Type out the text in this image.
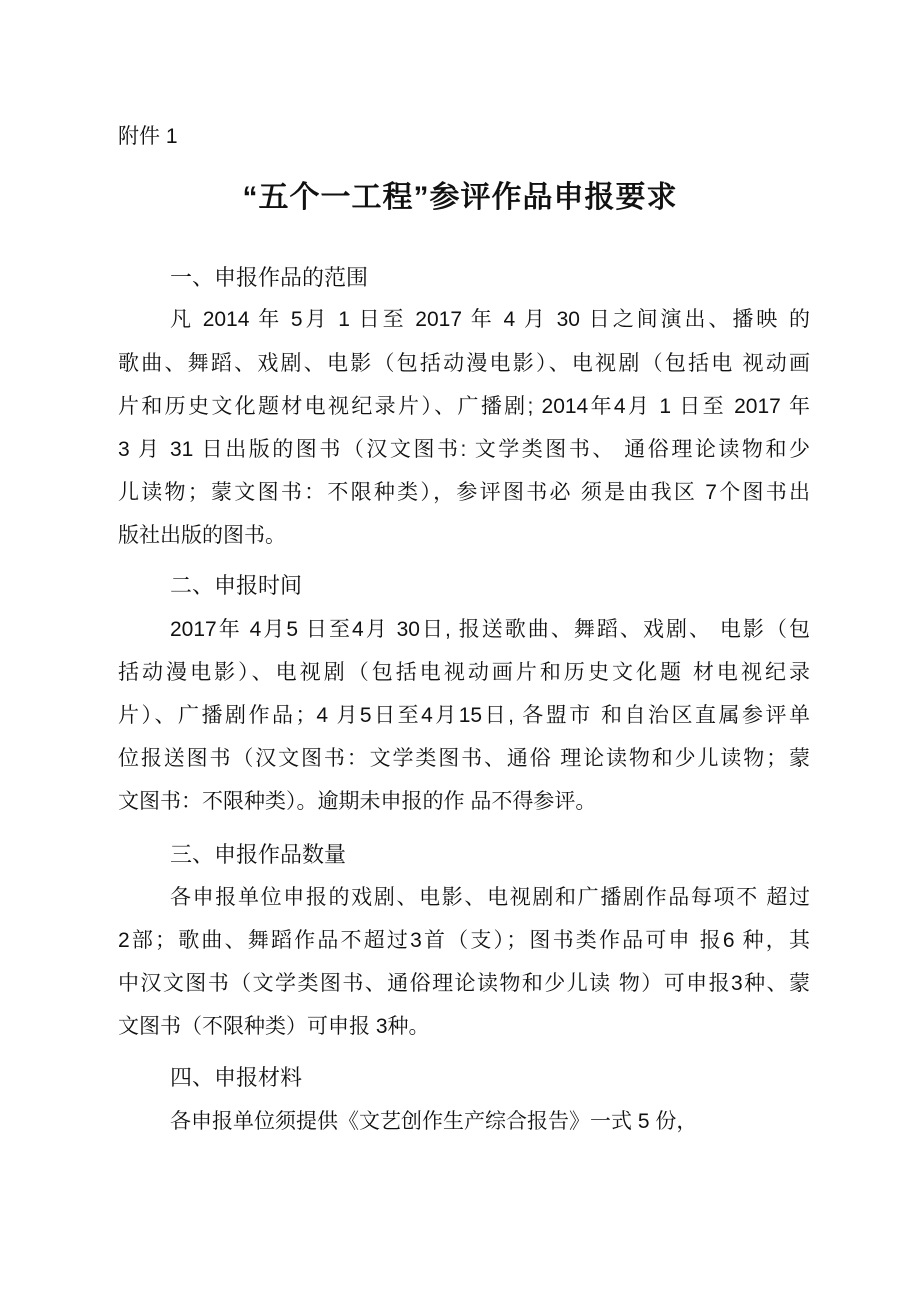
附件 1
“五个一工程”参评作品申报要求
一、申报作品的范围
凡 2014 年 5月 1 日至 2017 年 4 月 30 日之间演出、播映 的
歌曲、舞蹈、戏剧、电影（包括动漫电影）、电视剧（包括电 视动画
片和历史文化题材电视纪录片）、广播剧; 2014年4月 1 日至 2017 年
3 月 31 日出版的图书（汉文图书: 文学类图书、 通俗理论读物和少
儿读物；蒙文图书：不限种类），参评图书必 须是由我区 7个图书出
版社出版的图书。
二、申报时间
2017年 4月5 日至4月 30日, 报送歌曲、舞蹈、戏剧、 电影（包
括动漫电影）、电视剧（包括电视动画片和历史文化题 材电视纪录
片）、广播剧作品；4 月5日至4月15日, 各盟市 和自治区直属参评单
位报送图书（汉文图书：文学类图书、通俗 理论读物和少儿读物；蒙
文图书：不限种类）。逾期未申报的作 品不得参评。
三、申报作品数量
各申报单位申报的戏剧、电影、电视剧和广播剧作品每项不 超过
2部；歌曲、舞蹈作品不超过3首（支）；图书类作品可申 报6 种，其
中汉文图书（文学类图书、通俗理论读物和少儿读 物）可申报3种、蒙
文图书（不限种类）可申报 3种。
四、申报材料
各申报单位须提供《文艺创作生产综合报告》一式 5 份，
